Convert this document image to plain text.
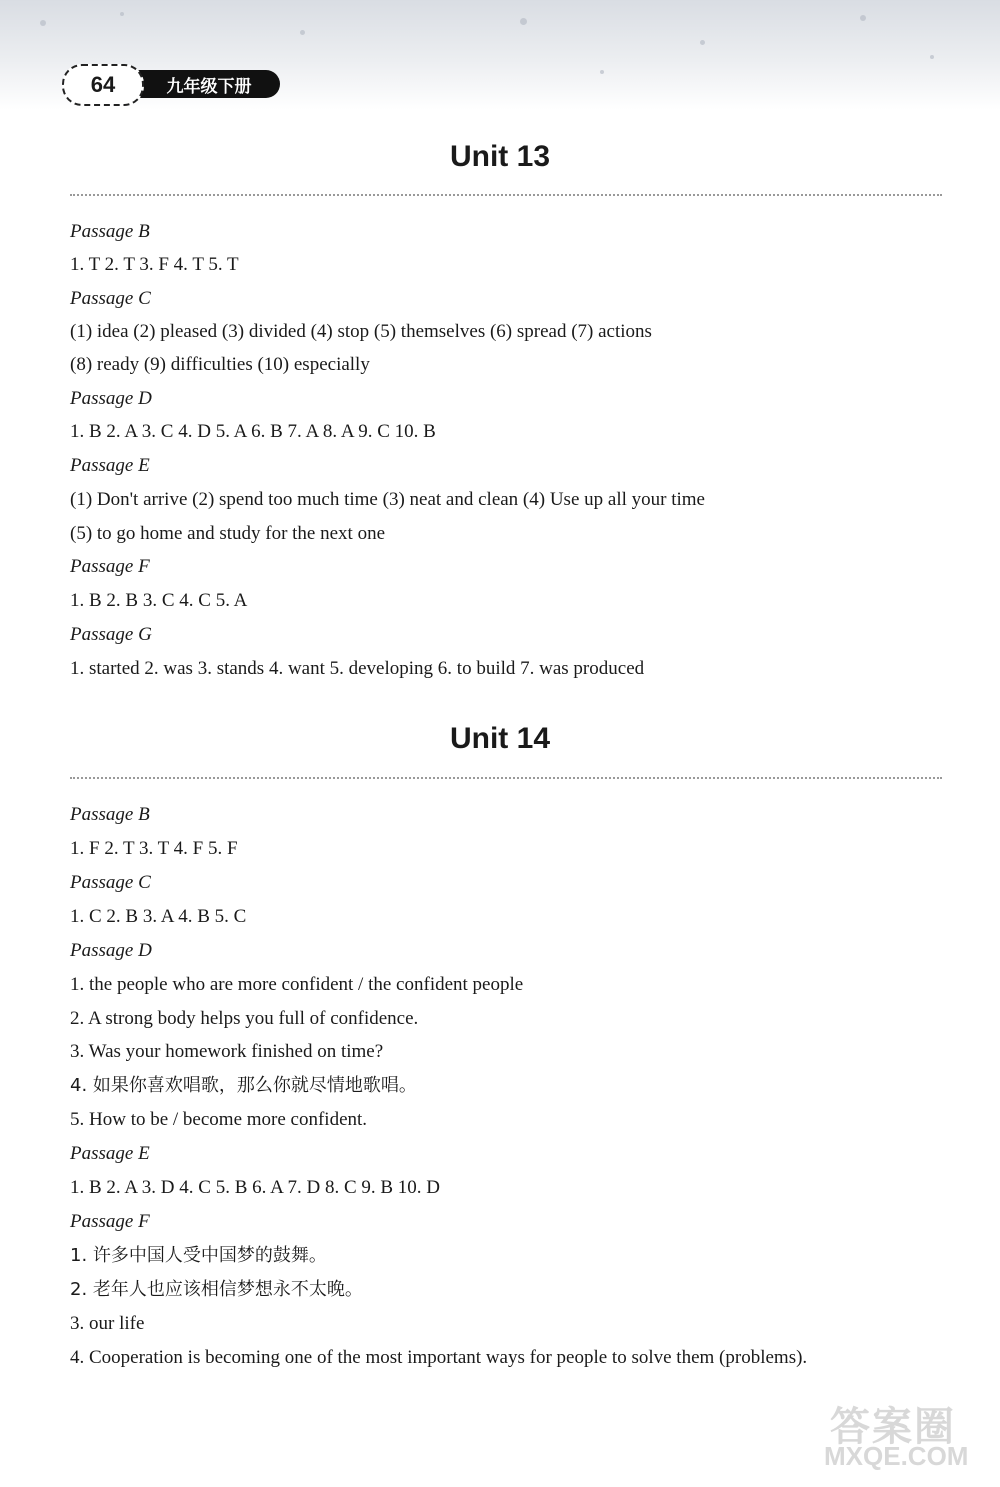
64	九年级下册
Unit 13
Passage B
1. T 2. T 3. F 4. T 5. T
Passage C
(1) idea (2) pleased (3) divided (4) stop (5) themselves (6) spread (7) actions
(8) ready (9) difficulties (10) especially
Passage D
1. B 2. A 3. C 4. D 5. A 6. B 7. A 8. A 9. C 10. B
Passage E
(1) Don't arrive (2) spend too much time (3) neat and clean (4) Use up all your time
(5) to go home and study for the next one
Passage F
1. B 2. B 3. C 4. C 5. A
Passage G
1. started 2. was 3. stands 4. want 5. developing 6. to build 7. was produced
Unit 14
Passage B
1. F 2. T 3. T 4. F 5. F
Passage C
1. C 2. B 3. A 4. B 5. C
Passage D
1. the people who are more confident / the confident people
2. A strong body helps you full of confidence.
3. Was your homework finished on time?
4. 如果你喜欢唱歌，那么你就尽情地歌唱。
5. How to be / become more confident.
Passage E
1. B 2. A 3. D 4. C 5. B 6. A 7. D 8. C 9. B 10. D
Passage F
1. 许多中国人受中国梦的鼓舞。
2. 老年人也应该相信梦想永不太晚。
3. our life
4. Cooperation is becoming one of the most important ways for people to solve them (problems).
答案圈
MXQE.COM
